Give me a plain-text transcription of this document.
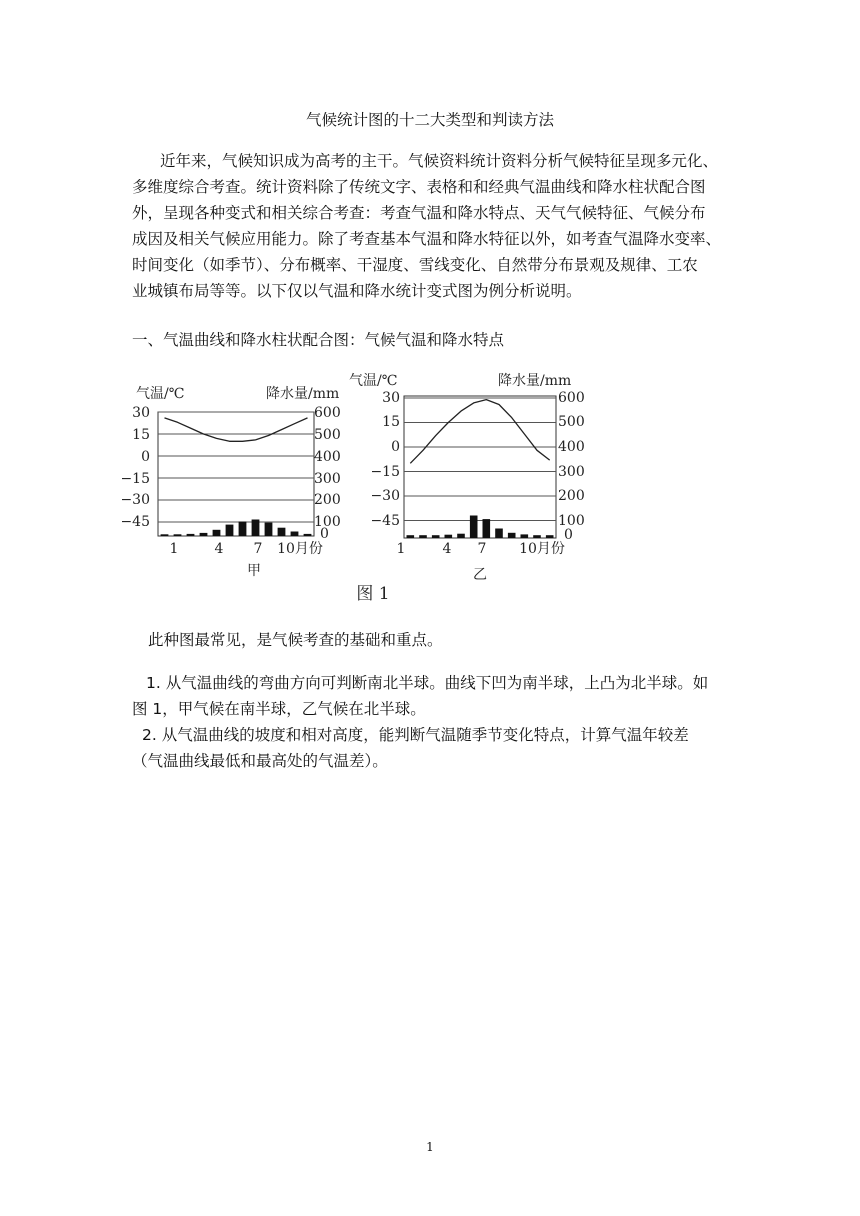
气候统计图的十二大类型和判读方法
近年来，气候知识成为高考的主干。气候资料统计资料分析气候特征呈现多元化、
多维度综合考查。统计资料除了传统文字、表格和和经典气温曲线和降水柱状配合图
外，呈现各种变式和相关综合考查：考查气温和降水特点、天气气候特征、气候分布
成因及相关气候应用能力。除了考查基本气温和降水特征以外，如考查气温降水变率、
时间变化（如季节）、分布概率、干湿度、雪线变化、自然带分布景观及规律、工农
业城镇布局等等。以下仅以气温和降水统计变式图为例分析说明。
一、气温曲线和降水柱状配合图：气候气温和降水特点
气温/℃	降水量/mm
30
15
0
−15
−30
−45
600
500
400
300
200
100
0
1	4 7 10月份
甲
气温/℃	降水量/mm
30
15
0
−15
−30
−45
600
500
400
300
200
100
0
1	4 7 10月份
乙
图 1
此种图最常见，是气候考查的基础和重点。
1. 从气温曲线的弯曲方向可判断南北半球。曲线下凹为南半球，上凸为北半球。如
图 1，甲气候在南半球，乙气候在北半球。
2. 从气温曲线的坡度和相对高度，能判断气温随季节变化特点，计算气温年较差
（气温曲线最低和最高处的气温差）。
1
